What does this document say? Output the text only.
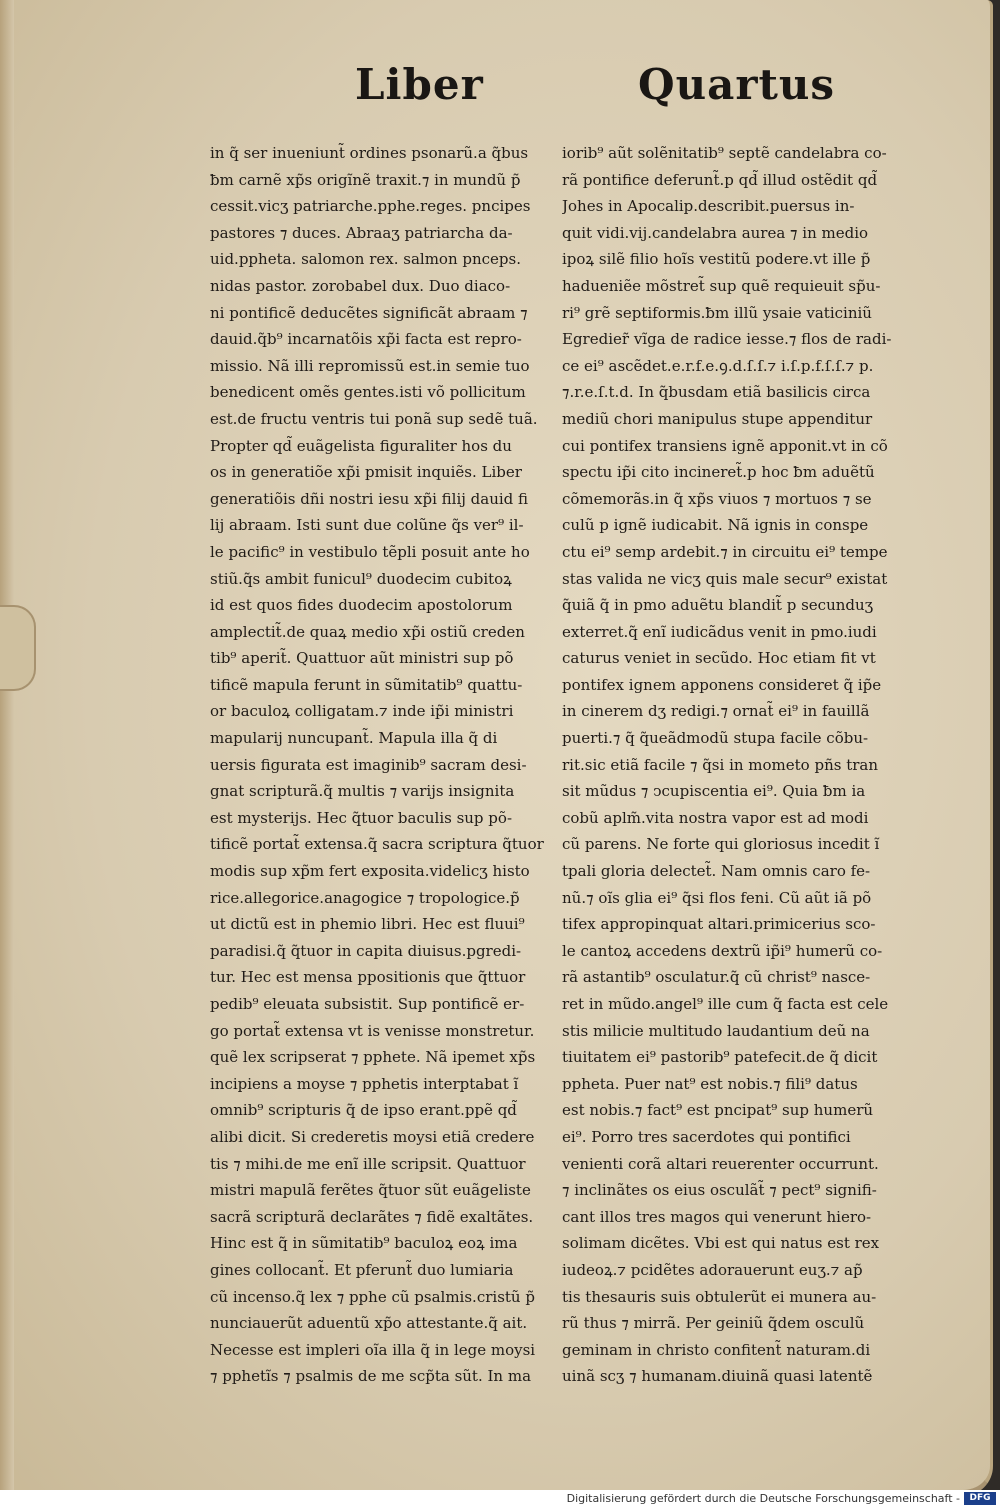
Liber	Quartus
in q̃ ser inueniunt̃ ordines psonarũ.a q̃bus
ƀm carnẽ xp̃s origĩnẽ traxit.⁊ in mundũ p̃
cessit.vicʒ patriarche.pphe.reges. pncipes
pastores ⁊ duces. Abraaʒ patriarcha da-
uid.ppheta. salomon rex. salmon pnceps.
nidas pastor. zorobabel dux. Duo diaco-
ni pontificẽ deducẽtes significãt abraam ⁊
dauid.q̃b⁹ incarnatõis xp̃i facta est repro-
missio. Nã illi repromissũ est.in semie tuo
benedicent omẽs gentes.isti võ pollicitum
est.de fructu ventris tui ponã sup sedẽ tuã.
Propter qd̃ euãgelista figuraliter hos du
os in generatiõe xp̃i pmisit inquiẽs. Liber
generatiõis dñi nostri iesu xp̃i filij dauid fi
lij abraam. Isti sunt due colũne q̃s ver⁹ il-
le pacific⁹ in vestibulo tẽpli posuit ante ho
stiũ.q̃s ambit funicul⁹ duodecim cubitoꝝ
id est quos fides duodecim apostolorum
amplectit̃.de quaꝝ medio xp̃i ostiũ creden
tib⁹ aperit̃. Quattuor aũt ministri sup põ
tificẽ mapula ferunt in sũmitatib⁹ quattu-
or baculoꝝ colligatam.⁊ inde ip̃i ministri
mapularij nuncupant̃. Mapula illa q̃ di
uersis figurata est imaginib⁹ sacram desi-
gnat scripturã.q̃ multis ⁊ varijs insignita
est mysterijs. Hec q̃tuor baculis sup põ-
tificẽ portat̃ extensa.q̃ sacra scriptura q̃tuor
modis sup xp̃m fert exposita.videlicʒ histo
rice.allegorice.anagogice ⁊ tropologice.p̃
ut dictũ est in phemio libri. Hec est fluui⁹
paradisi.q̃ q̃tuor in capita diuisus.pgredi-
tur. Hec est mensa ppositionis que q̃ttuor
pedib⁹ eleuata subsistit. Sup pontificẽ er-
go portat̃ extensa vt is venisse monstretur.
quẽ lex scripserat ⁊ pphete. Nã ipemet xp̃s
incipiens a moyse ⁊ pphetis interptabat ĩ
omnib⁹ scripturis q̃ de ipso erant.ppẽ qd̃
alibi dicit. Si crederetis moysi etiã credere
tis ⁊ mihi.de me enĩ ille scripsit. Quattuor
mistri mapulã ferẽtes q̃tuor sũt euãgeliste
sacrã scripturã declarãtes ⁊ fidẽ exaltãtes.
Hinc est q̃ in sũmitatib⁹ baculoꝝ eoꝝ ima
gines collocant̃. Et pferunt̃ duo lumiaria
cũ incenso.q̃ lex ⁊ pphe cũ psalmis.cristũ p̃
nunciauerũt aduentũ xp̃o attestante.q̃ ait.
Necesse est impleri oĩa illa q̃ in lege moysi
⁊ pphetĩs ⁊ psalmis de me scp̃ta sũt. In ma
iorib⁹ aũt solẽnitatib⁹ septẽ candelabra co-
rã pontifice deferunt̃.p qd̃ illud ostẽdit qd̃
Johes in Apocalip.describit.puersus in-
quit vidi.vij.candelabra aurea ⁊ in medio
ipoꝝ silẽ filio hoĩs vestitũ podere.vt ille p̃
hadueniẽe mõstret̃ sup quẽ requieuit sp̃u-
ri⁹ grẽ septiformis.ƀm illũ ysaie vaticiniũ
Egredier̃ vĩga de radice iesse.⁊ flos de radi-
ce ei⁹ ascẽdet.e.r.f.e.ꝯ.d.ſ.ſ.⁊ i.ſ.p.f.ſ.ſ.⁊ p.
⁊.r.e.ſ.t.d. In q̃busdam etiã basilicis circa
mediũ chori manipulus stupe appenditur
cui pontifex transiens ignẽ apponit.vt in cõ
spectu ip̃i cito incineret̃.p hoc ƀm aduẽtũ
cõmemorãs.in q̃ xp̃s viuos ⁊ mortuos ⁊ se
culũ p ignẽ iudicabit. Nã ignis in conspe
ctu ei⁹ semp ardebit.⁊ in circuitu ei⁹ tempe
stas valida ne vicʒ quis male secur⁹ existat
q̃uiã q̃ in pmo aduẽtu blandit̃ p secunduʒ
exterret.q̃ enĩ iudicãdus venit in pmo.iudi
caturus veniet in secũdo. Hoc etiam fit vt
pontifex ignem apponens consideret q̃ ip̃e
in cinerem dʒ redigi.⁊ ornat̃ ei⁹ in fauillã
puerti.⁊ q̃ q̃ueãdmodũ stupa facile cõbu-
rit.sic etiã facile ⁊ q̃si in mometo pñs tran
sit mũdus ⁊ ↄcupiscentia ei⁹. Quia ƀm ia
cobũ aplm̃.vita nostra vapor est ad modi
cũ parens. Ne forte qui gloriosus incedit ĩ
tpali gloria delectet̃. Nam omnis caro fe-
nũ.⁊ oĩs glia ei⁹ q̃si flos feni. Cũ aũt iã põ
tifex appropinquat altari.primicerius sco-
le cantoꝝ accedens dextrũ ip̃i⁹ humerũ co-
rã astantib⁹ osculatur.q̃ cũ christ⁹ nasce-
ret in mũdo.angel⁹ ille cum q̃ facta est cele
stis milicie multitudo laudantium deũ na
tiuitatem ei⁹ pastorib⁹ patefecit.de q̃ dicit
ppheta. Puer nat⁹ est nobis.⁊ fili⁹ datus
est nobis.⁊ fact⁹ est pncipat⁹ sup humerũ
ei⁹. Porro tres sacerdotes qui pontifici
venienti corã altari reuerenter occurrunt.
⁊ inclinãtes os eius osculãt̃ ⁊ pect⁹ signifi-
cant illos tres magos qui venerunt hiero-
solimam dicẽtes. Vbi est qui natus est rex
iudeoꝝ.⁊ pcidẽtes adorauerunt euʒ.⁊ ap̃
tis thesauris suis obtulerũt ei munera au-
rũ thus ⁊ mirrã. Per geiniũ q̃dem osculũ
geminam in christo confitent̃ naturam.di
uinã scʒ ⁊ humanam.diuinã quasi latentẽ
Digitalisierung gefördert durch die Deutsche Forschungsgemeinschaft -	DFG
